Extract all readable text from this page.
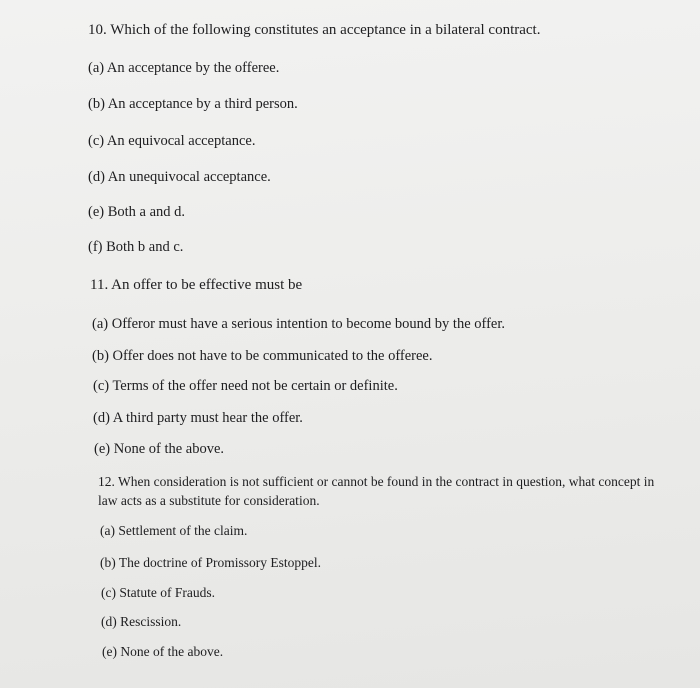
10. Which of the following constitutes an acceptance in a bilateral contract.
(a) An acceptance by the offeree.
(b) An acceptance by a third person.
(c) An equivocal acceptance.
(d) An unequivocal acceptance.
(e) Both a and d.
(f) Both b and c.
11. An offer to be effective must be
(a) Offeror must have a serious intention to become bound by the offer.
(b) Offer does not have to be communicated to the offeree.
(c) Terms of the offer need not be certain or definite.
(d) A third party must hear the offer.
(e) None of the above.
12. When consideration is not sufficient or cannot be found in the contract in question, what concept in law acts as a substitute for consideration.
(a) Settlement of the claim.
(b) The doctrine of Promissory Estoppel.
(c) Statute of Frauds.
(d) Rescission.
(e) None of the above.
